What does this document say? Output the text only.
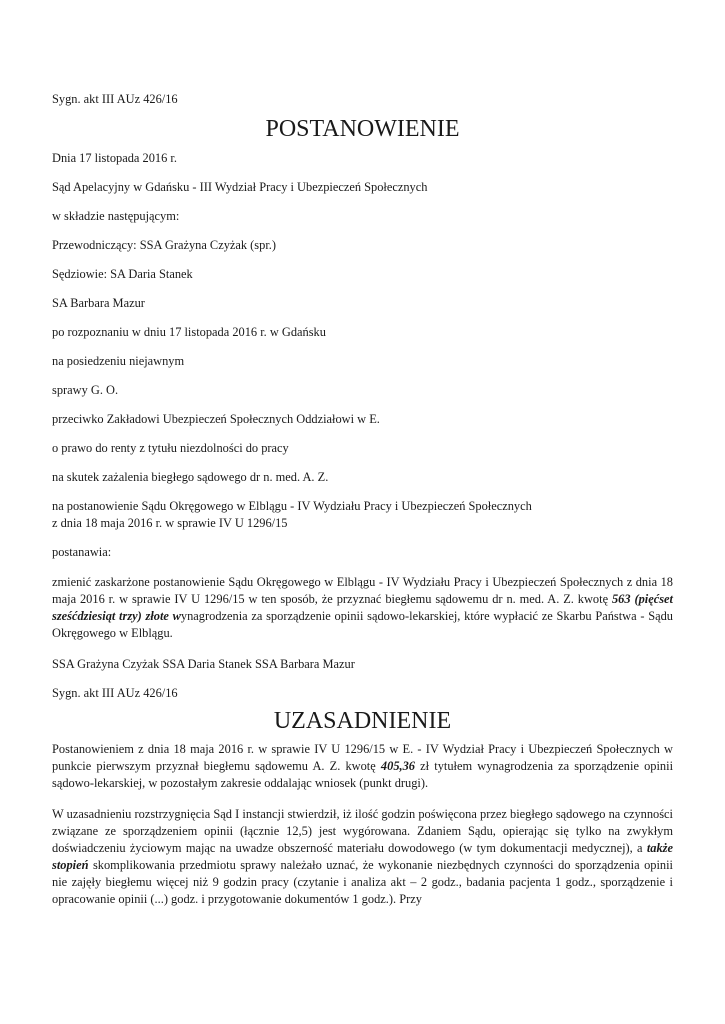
Sygn. akt III AUz 426/16

POSTANOWIENIE

Dnia 17 listopada 2016 r.

Sąd Apelacyjny w Gdańsku - III Wydział Pracy i Ubezpieczeń Społecznych

w składzie następującym:

Przewodniczący: SSA Grażyna Czyżak (spr.)

Sędziowie: SA Daria Stanek

SA Barbara Mazur

po rozpoznaniu w dniu 17 listopada 2016 r. w Gdańsku

na posiedzeniu niejawnym

sprawy G. O.

przeciwko Zakładowi Ubezpieczeń Społecznych Oddziałowi w E.

o prawo do renty z tytułu niezdolności do pracy

na skutek zażalenia biegłego sądowego dr n. med. A. Z.

na postanowienie Sądu Okręgowego w Elblągu - IV Wydziału Pracy i Ubezpieczeń Społecznych
z dnia 18 maja 2016 r. w sprawie IV U 1296/15

postanawia:

zmienić zaskarżone postanowienie Sądu Okręgowego w Elblągu - IV Wydziału Pracy i Ubezpieczeń Społecznych z dnia 18 maja 2016 r. w sprawie IV U 1296/15 w ten sposób, że przyznać biegłemu sądowemu dr n. med. A. Z. kwotę 563 (pięćset sześćdziesiąt trzy) złote wynagrodzenia za sporządzenie opinii sądowo-lekarskiej, które wypłacić ze Skarbu Państwa - Sądu Okręgowego w Elblągu.

SSA Grażyna Czyżak SSA Daria Stanek SSA Barbara Mazur

Sygn. akt III AUz 426/16

UZASADNIENIE

Postanowieniem z dnia 18 maja 2016 r. w sprawie IV U 1296/15 w E. - IV Wydział Pracy i Ubezpieczeń Społecznych w punkcie pierwszym przyznał biegłemu sądowemu A. Z. kwotę 405,36 zł tytułem wynagrodzenia za sporządzenie opinii sądowo-lekarskiej, w pozostałym zakresie oddalając wniosek (punkt drugi).

W uzasadnieniu rozstrzygnięcia Sąd I instancji stwierdził, iż ilość godzin poświęcona przez biegłego sądowego na czynności związane ze sporządzeniem opinii (łącznie 12,5) jest wygórowana. Zdaniem Sądu, opierając się tylko na zwykłym doświadczeniu życiowym mając na uwadze obszerność materiału dowodowego (w tym dokumentacji medycznej), a także stopień skomplikowania przedmiotu sprawy należało uznać, że wykonanie niezbędnych czynności do sporządzenia opinii nie zajęły biegłemu więcej niż 9 godzin pracy (czytanie i analiza akt – 2 godz., badania pacjenta 1 godz., sporządzenie i opracowanie opinii (...) godz. i przygotowanie dokumentów 1 godz.). Przy
